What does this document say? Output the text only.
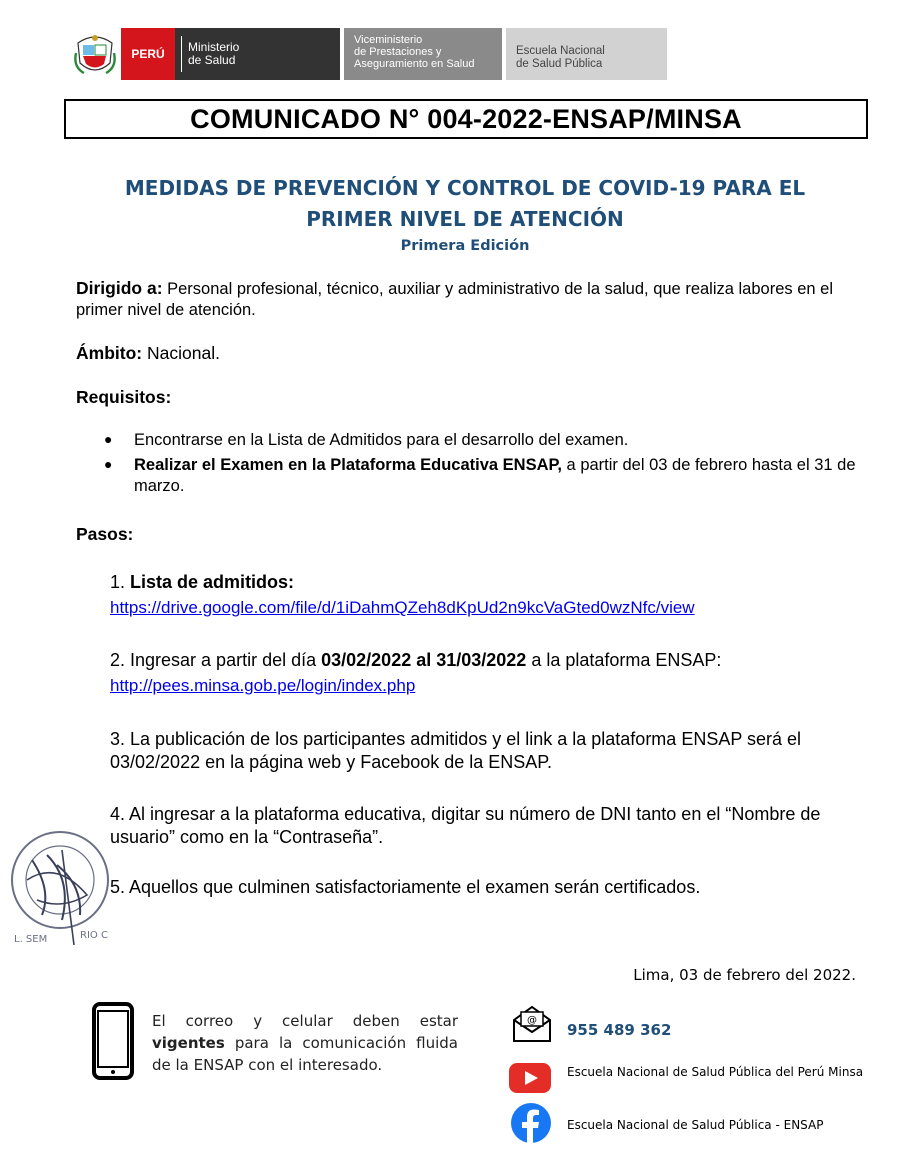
PERÚ Ministerio
de Salud
Viceministerio
de Prestaciones y
Aseguramiento en Salud
Escuela Nacional
de Salud Pública
COMUNICADO N° 004-2022-ENSAP/MINSA
MEDIDAS DE PREVENCIÓN Y CONTROL DE COVID-19 PARA EL
PRIMER NIVEL DE ATENCIÓN
Primera Edición
Dirigido a: Personal profesional, técnico, auxiliar y administrativo de la salud, que realiza labores en el primer nivel de atención.
Ámbito: Nacional.
Requisitos:
● Encontrarse en la Lista de Admitidos para el desarrollo del examen.
● Realizar el Examen en la Plataforma Educativa ENSAP, a partir del 03 de febrero hasta el 31 de marzo.
Pasos:
1. Lista de admitidos:
https://drive.google.com/file/d/1iDahmQZeh8dKpUd2n9kcVaGted0wzNfc/view
2. Ingresar a partir del día 03/02/2022 al 31/03/2022 a la plataforma ENSAP:
http://pees.minsa.gob.pe/login/index.php
3. La publicación de los participantes admitidos y el link a la plataforma ENSAP será el 03/02/2022 en la página web y Facebook de la ENSAP.
4. Al ingresar a la plataforma educativa, digitar su número de DNI tanto en el “Nombre de usuario” como en la “Contraseña”.
5. Aquellos que culminen satisfactoriamente el examen serán certificados.
L. SEM	RIO C
Lima, 03 de febrero del 2022.
El correo y celular deben estar vigentes para la comunicación fluida de la ENSAP con el interesado.
@
955 489 362
Escuela Nacional de Salud Pública del Perú Minsa
Escuela Nacional de Salud Pública - ENSAP
